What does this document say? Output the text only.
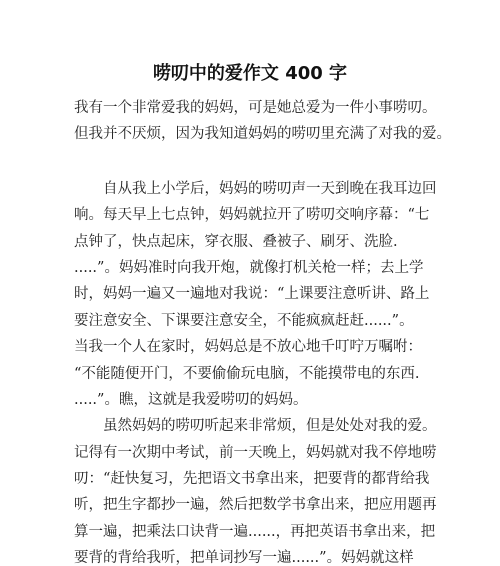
唠叨中的爱作文 400 字
我有一个非常爱我的妈妈，可是她总爱为一件小事唠叨。
但我并不厌烦，因为我知道妈妈的唠叨里充满了对我的爱。
　　自从我上小学后，妈妈的唠叨声一天到晚在我耳边回
响。每天早上七点钟，妈妈就拉开了唠叨交响序幕：“七
点钟了，快点起床，穿衣服、叠被子、刷牙、洗脸.
.....”。妈妈准时向我开炮，就像打机关枪一样；去上学
时，妈妈一遍又一遍地对我说：“上课要注意听讲、路上
要注意安全、下课要注意安全，不能疯疯赶赶......”。
当我一个人在家时，妈妈总是不放心地千叮咛万嘱咐：
“不能随便开门，不要偷偷玩电脑，不能摸带电的东西.
.....”。瞧，这就是我爱唠叨的妈妈。
　　虽然妈妈的唠叨听起来非常烦，但是处处对我的爱。
记得有一次期中考试，前一天晚上，妈妈就对我不停地唠
叨：“赶快复习，先把语文书拿出来，把要背的都背给我
听，把生字都抄一遍，然后把数学书拿出来，把应用题再
算一遍，把乘法口诀背一遍......，再把英语书拿出来，把
要背的背给我听，把单词抄写一遍......”。妈妈就这样
